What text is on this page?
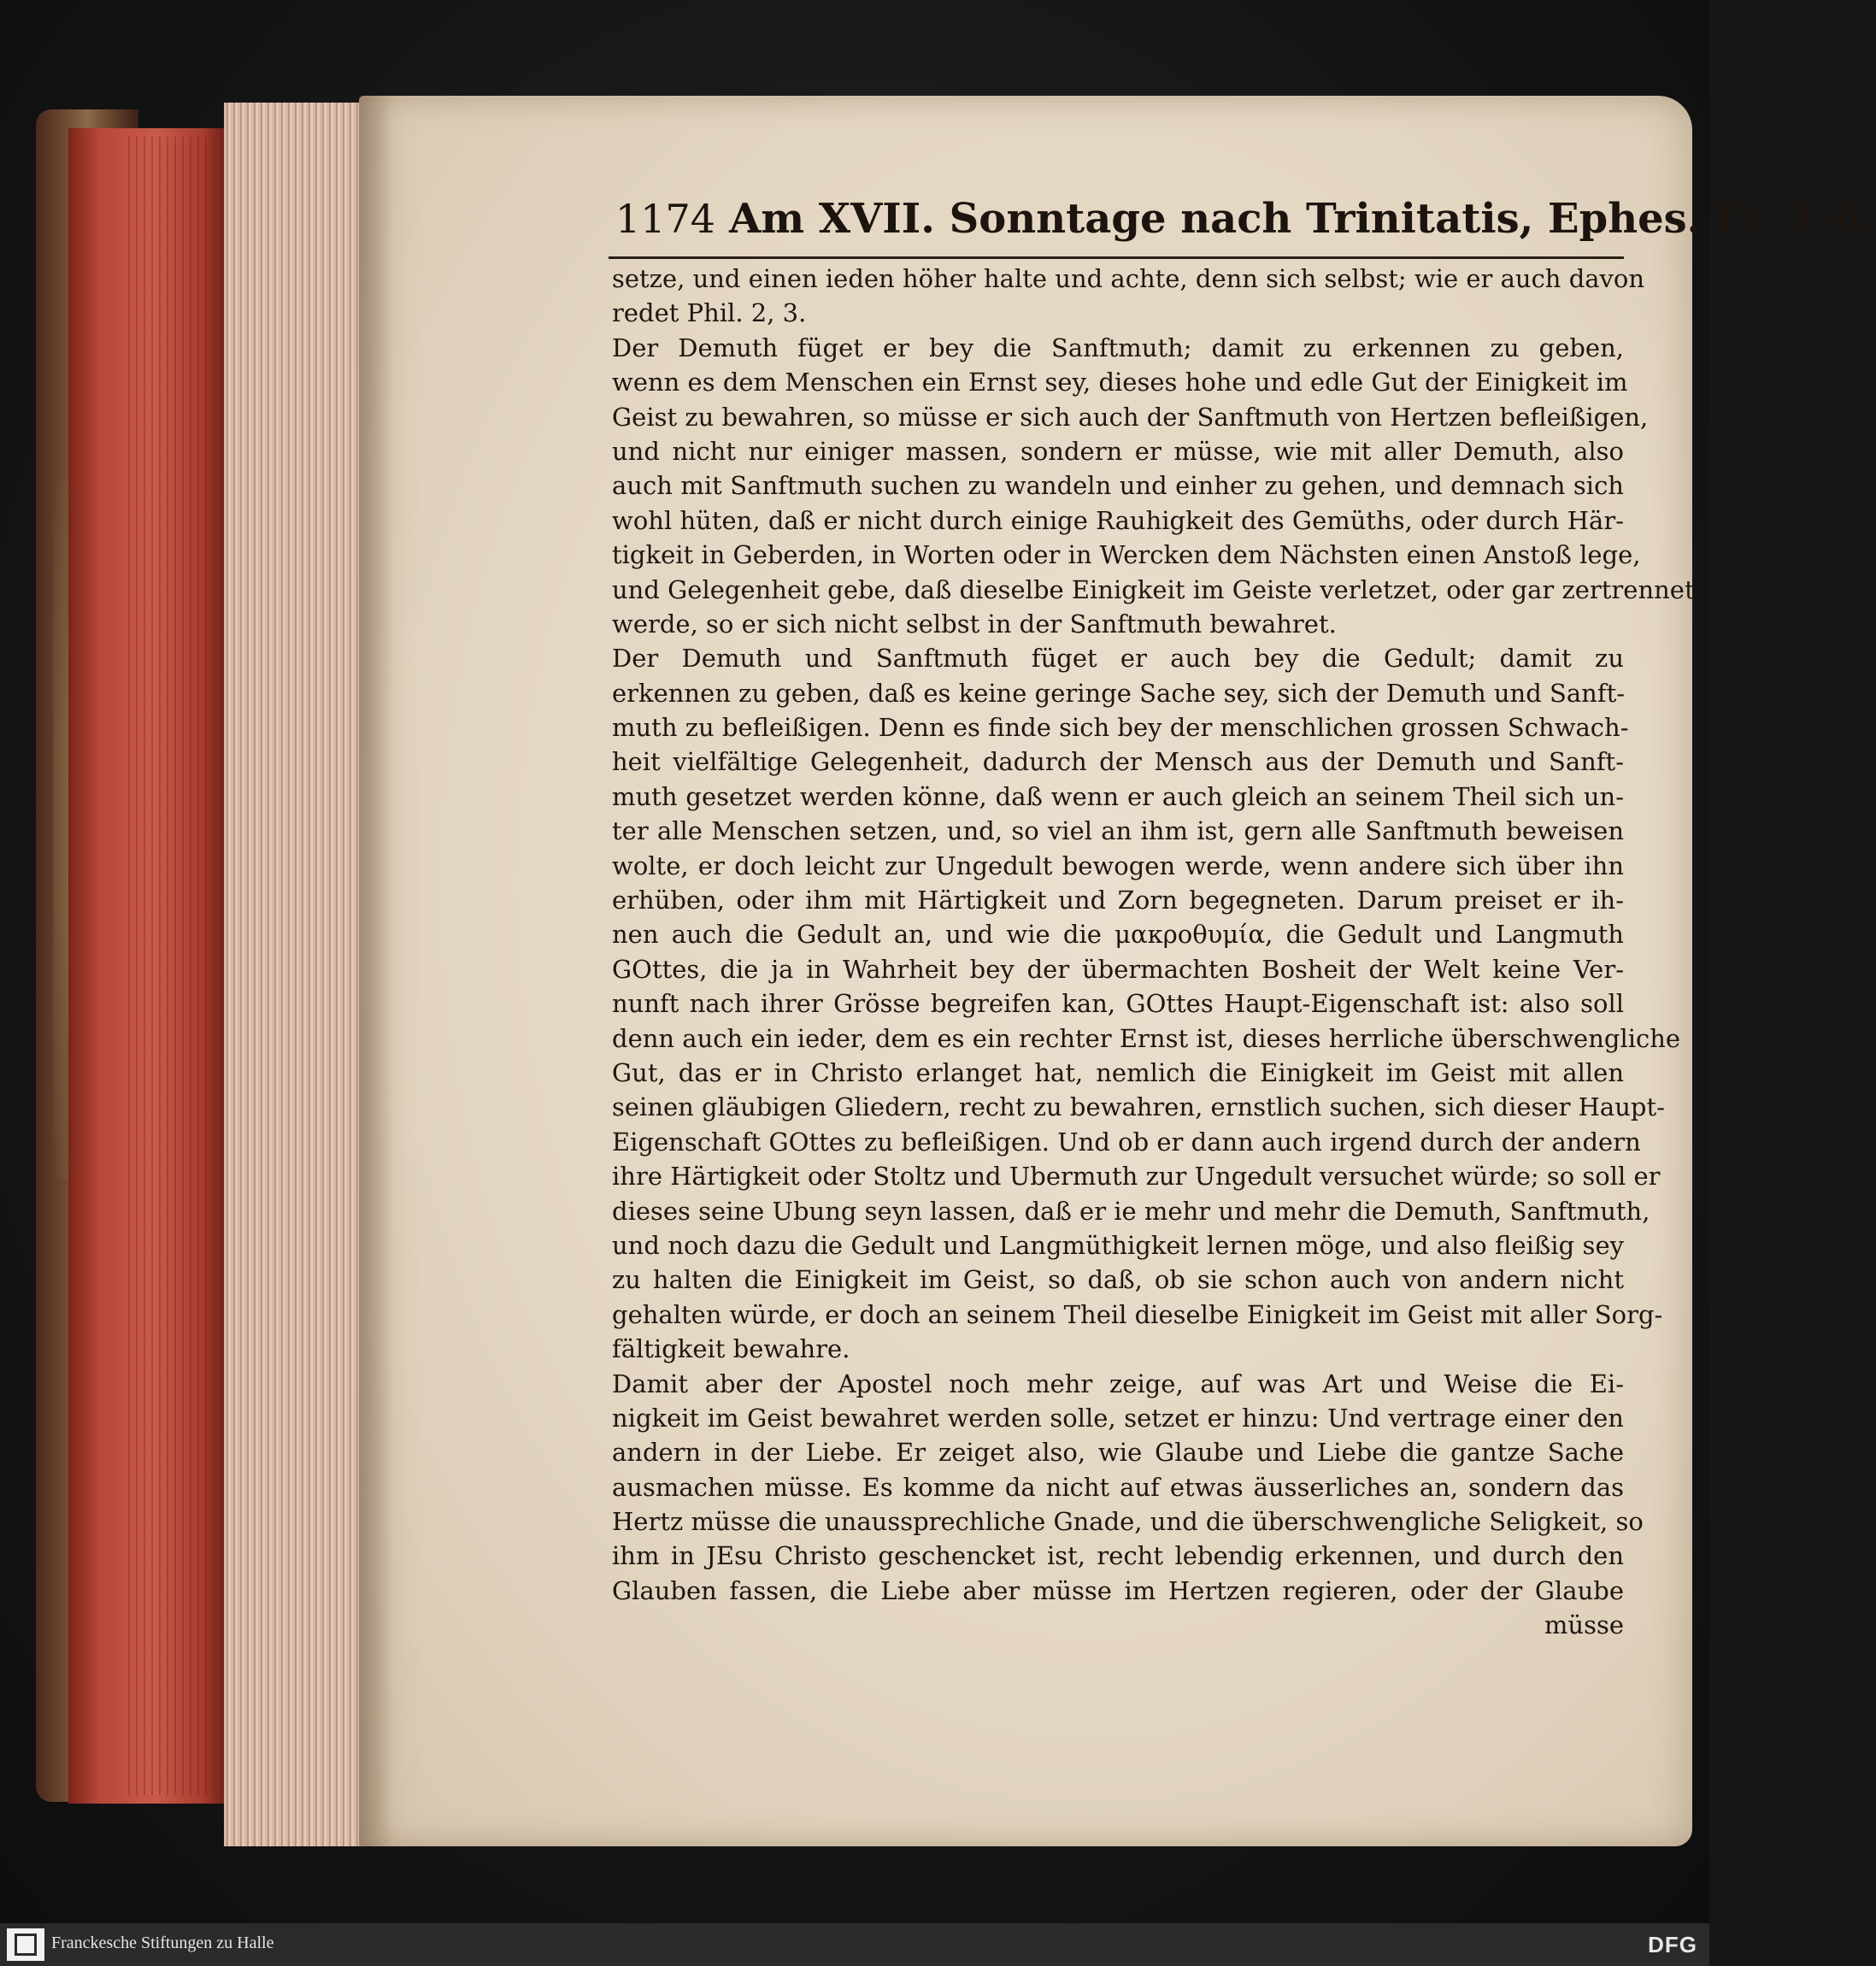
1174 Am XVII. Sonntage nach Trinitatis, Ephes. IV, 1-6.
setze, und einen ieden höher halte und achte, denn sich selbst; wie er auch davon
redet Phil. 2, 3.
Der Demuth füget er bey die Sanftmuth; damit zu erkennen zu geben,
wenn es dem Menschen ein Ernst sey, dieses hohe und edle Gut der Einigkeit im
Geist zu bewahren, so müsse er sich auch der Sanftmuth von Hertzen befleißigen,
und nicht nur einiger massen, sondern er müsse, wie mit aller Demuth, also
auch mit Sanftmuth suchen zu wandeln und einher zu gehen, und demnach sich
wohl hüten, daß er nicht durch einige Rauhigkeit des Gemüths, oder durch Här-
tigkeit in Geberden, in Worten oder in Wercken dem Nächsten einen Anstoß lege,
und Gelegenheit gebe, daß dieselbe Einigkeit im Geiste verletzet, oder gar zertrennet
werde, so er sich nicht selbst in der Sanftmuth bewahret.
Der Demuth und Sanftmuth füget er auch bey die Gedult; damit zu
erkennen zu geben, daß es keine geringe Sache sey, sich der Demuth und Sanft-
muth zu befleißigen. Denn es finde sich bey der menschlichen grossen Schwach-
heit vielfältige Gelegenheit, dadurch der Mensch aus der Demuth und Sanft-
muth gesetzet werden könne, daß wenn er auch gleich an seinem Theil sich un-
ter alle Menschen setzen, und, so viel an ihm ist, gern alle Sanftmuth beweisen
wolte, er doch leicht zur Ungedult bewogen werde, wenn andere sich über ihn
erhüben, oder ihm mit Härtigkeit und Zorn begegneten. Darum preiset er ih-
nen auch die Gedult an, und wie die μακροθυμία, die Gedult und Langmuth
GOttes, die ja in Wahrheit bey der übermachten Bosheit der Welt keine Ver-
nunft nach ihrer Grösse begreifen kan, GOttes Haupt-Eigenschaft ist: also soll
denn auch ein ieder, dem es ein rechter Ernst ist, dieses herrliche überschwengliche
Gut, das er in Christo erlanget hat, nemlich die Einigkeit im Geist mit allen
seinen gläubigen Gliedern, recht zu bewahren, ernstlich suchen, sich dieser Haupt-
Eigenschaft GOttes zu befleißigen. Und ob er dann auch irgend durch der andern
ihre Härtigkeit oder Stoltz und Ubermuth zur Ungedult versuchet würde; so soll er
dieses seine Ubung seyn lassen, daß er ie mehr und mehr die Demuth, Sanftmuth,
und noch dazu die Gedult und Langmüthigkeit lernen möge, und also fleißig sey
zu halten die Einigkeit im Geist, so daß, ob sie schon auch von andern nicht
gehalten würde, er doch an seinem Theil dieselbe Einigkeit im Geist mit aller Sorg-
fältigkeit bewahre.
Damit aber der Apostel noch mehr zeige, auf was Art und Weise die Ei-
nigkeit im Geist bewahret werden solle, setzet er hinzu: Und vertrage einer den
andern in der Liebe. Er zeiget also, wie Glaube und Liebe die gantze Sache
ausmachen müsse. Es komme da nicht auf etwas äusserliches an, sondern das
Hertz müsse die unaussprechliche Gnade, und die überschwengliche Seligkeit, so
ihm in JEsu Christo geschencket ist, recht lebendig erkennen, und durch den
Glauben fassen, die Liebe aber müsse im Hertzen regieren, oder der Glaube
müsse
Franckesche Stiftungen zu Halle	DFG
